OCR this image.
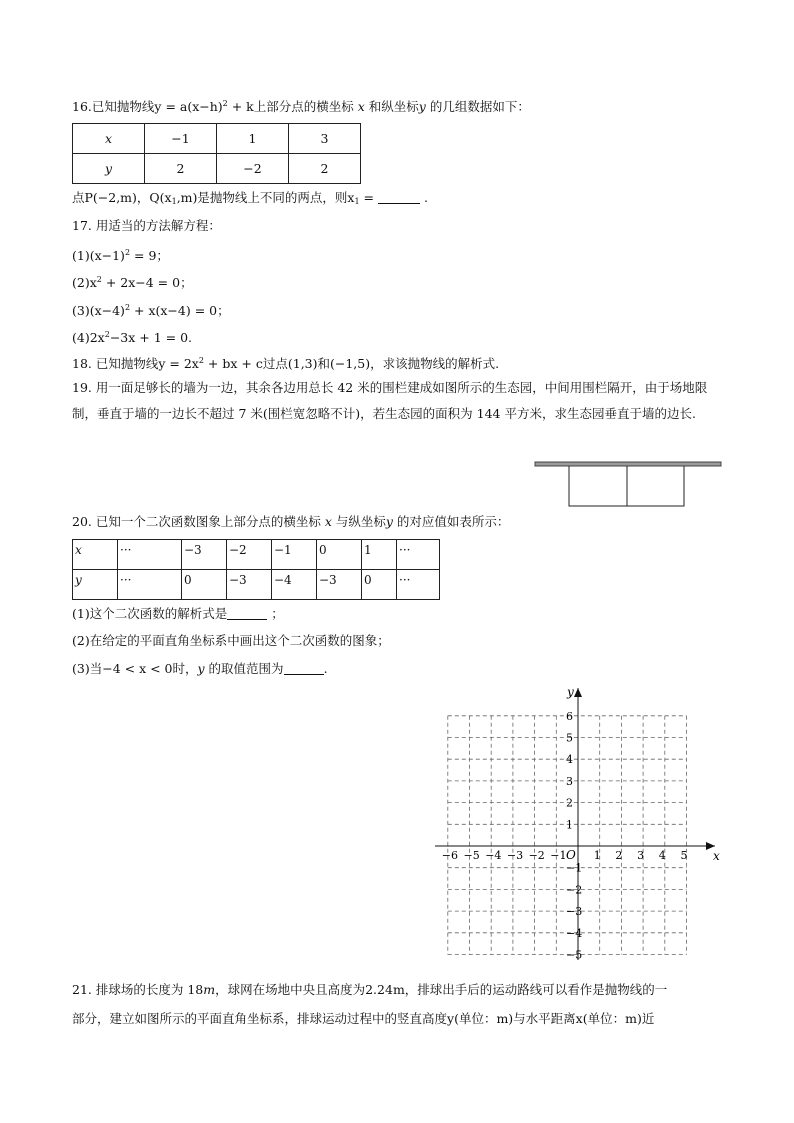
16.已知抛物线$y = a(x-h)^2 + k$上部分点的横坐标 x 和纵坐标y 的几组数据如下：
x	−1	1	3
y	2	−2	2
点P(−2,m)，$Q(x_1,m)$是抛物线上不同的两点，则$x_1$ =	.
17. 用适当的方法解方程：
$(1)(x-1)^2 = 9$；
$(2)x^2 + 2x-4 = 0$；
$(3)(x-4)^2 + x(x-4) = 0$；
$(4)2x^2-3x + 1 = 0$.
18. 已知抛物线$y = 2x^2$ + bx + c过点(1,3)和(−1,5)，求该抛物线的解析式.
19. 用一面足够长的墙为一边，其余各边用总长 42 米的围栏建成如图所示的生态园，中间用围栏隔开，由于场地限制，垂直于墙的一边长不超过 7 米(围栏宽忽略不计)，若生态园的面积为 144 平方米，求生态园垂直于墙的边长.
20. 已知一个二次函数图象上部分点的横坐标 x 与纵坐标y 的对应值如表所示：
x	···	−3	−2	−1	0	1	···
y	···	0	−3	−4	−3	0	···
(1)这个二次函数的解析式是	；
(2)在给定的平面直角坐标系中画出这个二次函数的图象；
(3)当−4 < x < 0时，y 的取值范围为	.
x
y
O
−6 −5 −4 −3 −2 −1 1 2 3 4 5
6
5
4
3
2
1
−1
−2
−3
−4
−5
21. 排球场的长度为 18m，球网在场地中央且高度为2.24m，排球出手后的运动路线可以看作是抛物线的一
部分，建立如图所示的平面直角坐标系，排球运动过程中的竖直高度y(单位：m)与水平距离x(单位：m)近
